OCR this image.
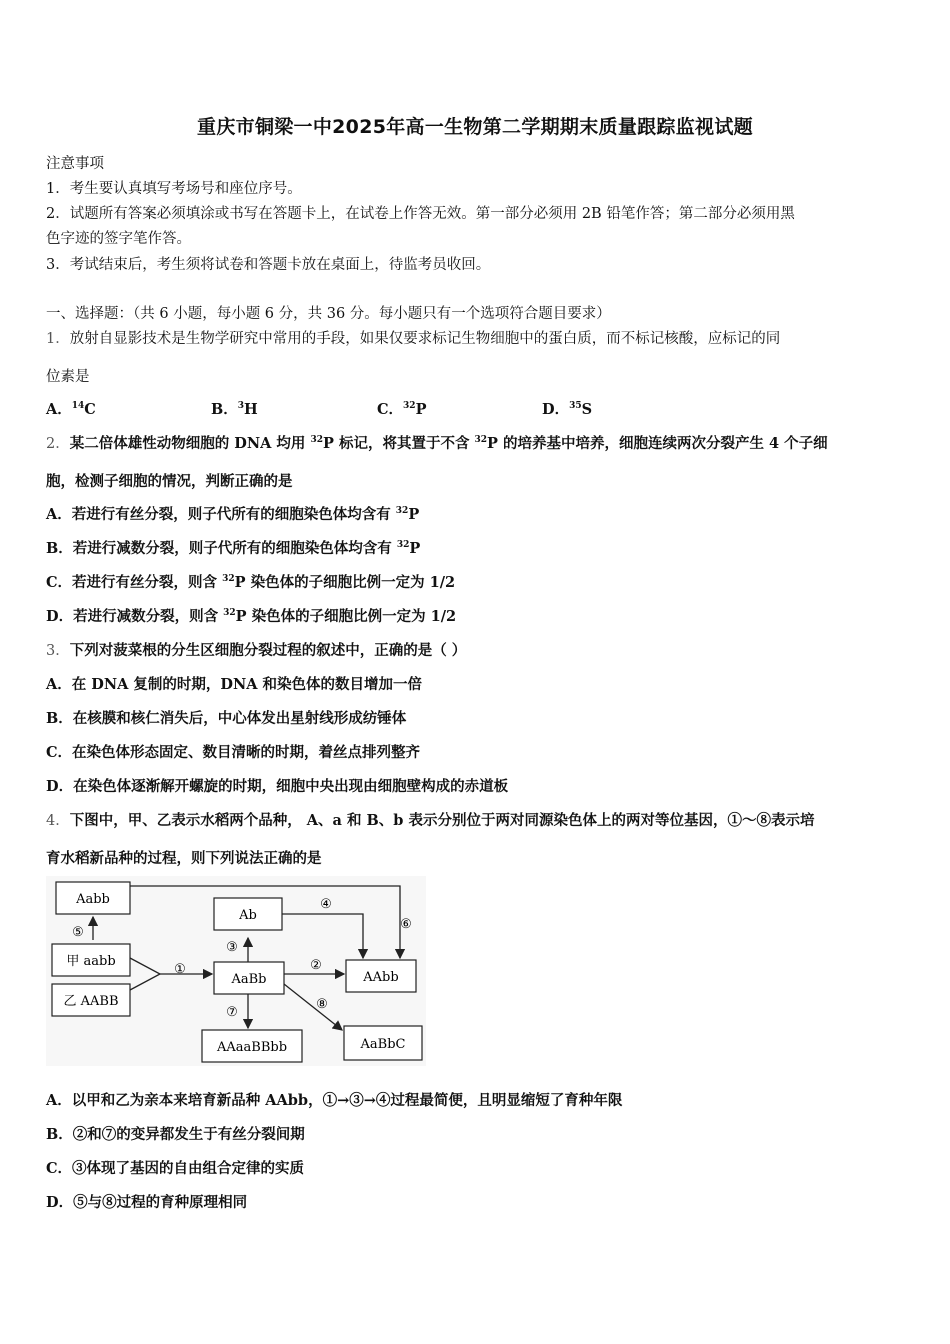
重庆市铜梁一中2025年高一生物第二学期期末质量跟踪监视试题
注意事项
1．考生要认真填写考场号和座位序号。
2．试题所有答案必须填涂或书写在答题卡上，在试卷上作答无效。第一部分必须用 2B 铅笔作答；第二部分必须用黑
色字迹的签字笔作答。
3．考试结束后，考生须将试卷和答题卡放在桌面上，待监考员收回。
一、选择题：（共 6 小题，每小题 6 分，共 36 分。每小题只有一个选项符合题目要求）
1．放射自显影技术是生物学研究中常用的手段，如果仅要求标记生物细胞中的蛋白质，而不标记核酸，应标记的同
位素是
A．$^{14}$C	B．$^3$H	C．$^{32}$P	D．$^{35}$S
2．某二倍体雄性动物细胞的 DNA 均用 $^{32}$P 标记，将其置于不含 $^{32}$P 的培养基中培养，细胞连续两次分裂产生 4 个子细
胞，检测子细胞的情况，判断正确的是
A．若进行有丝分裂，则子代所有的细胞染色体均含有 $^{32}$P
B．若进行减数分裂，则子代所有的细胞染色体均含有 $^{32}$P
C．若进行有丝分裂，则含 $^{32}$P 染色体的子细胞比例一定为 1/2
D．若进行减数分裂，则含 $^{32}$P 染色体的子细胞比例一定为 1/2
3．下列对菠菜根的分生区细胞分裂过程的叙述中，正确的是（ ）
A．在 DNA 复制的时期，DNA 和染色体的数目增加一倍
B．在核膜和核仁消失后，中心体发出星射线形成纺锤体
C．在染色体形态固定、数目清晰的时期，着丝点排列整齐
D．在染色体逐渐解开螺旋的时期，细胞中央出现由细胞壁构成的赤道板
4．下图中，甲、乙表示水稻两个品种， A、a 和 B、b 表示分别位于两对同源染色体上的两对等位基因，①～⑧表示培
育水稻新品种的过程，则下列说法正确的是
Aabb
甲 aabb
乙 AABB
AaBb
Ab
AAbb
AAaaBBbb	AaBbC
⑤
⑥
①
③
④
②
⑦
⑧
A．以甲和乙为亲本来培育新品种 AAbb，①→③→④过程最简便，且明显缩短了育种年限
B．②和⑦的变异都发生于有丝分裂间期
C．③体现了基因的自由组合定律的实质
D．⑤与⑧过程的育种原理相同
